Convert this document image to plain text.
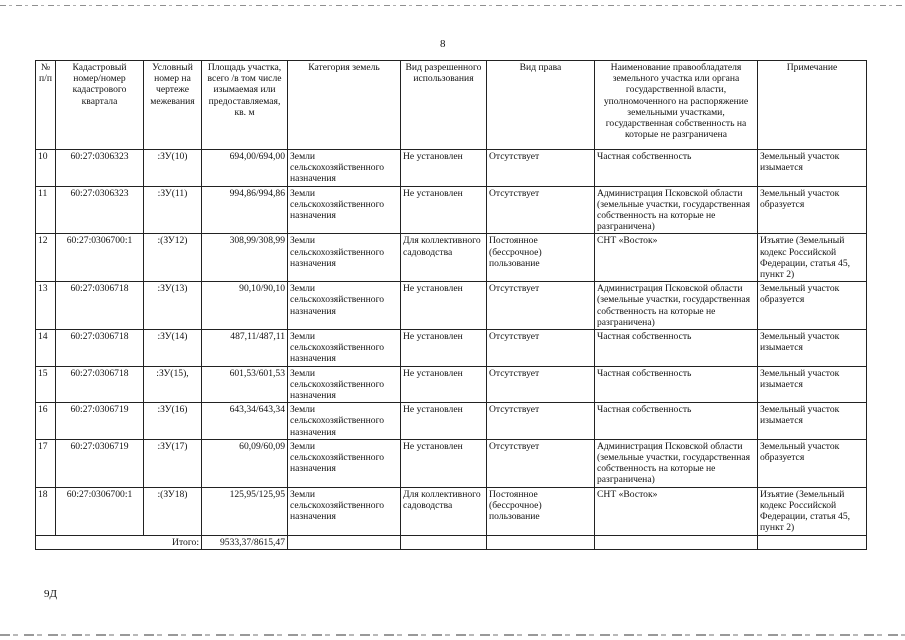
8
№ п/п	Кадастровый номер/номер кадастрового квартала	Условный номер на чертеже межевания	Площадь участка, всего /в том числе изымаемая или предоставляемая, кв. м	Категория земель	Вид разрешенного использования	Вид права	Наименование правообладателя земельного участка или органа государственной власти, уполномоченного на распоряжение земельными участками, государственная собственность на которые не разграничена	Примечание
10	60:27:0306323	:ЗУ(10)	694,00/694,00	Земли сельскохозяйственного назначения	Не установлен	Отсутствует	Частная собственность	Земельный участок изымается
11	60:27:0306323	:ЗУ(11)	994,86/994,86	Земли сельскохозяйственного назначения	Не установлен	Отсутствует	Администрация Псковской области (земельные участки, государственная собственность на которые не разграничена)	Земельный участок образуется
12	60:27:0306700:1	:(ЗУ12)	308,99/308,99	Земли сельскохозяйственного назначения	Для коллективного садоводства	Постоянное (бессрочное) пользование	СНТ «Восток»	Изъятие (Земельный кодекс Российской Федерации, статья 45, пункт 2)
13	60:27:0306718	:ЗУ(13)	90,10/90,10	Земли сельскохозяйственного назначения	Не установлен	Отсутствует	Администрация Псковской области (земельные участки, государственная собственность на которые не разграничена)	Земельный участок образуется
14	60:27:0306718	:ЗУ(14)	487,11/487,11	Земли сельскохозяйственного назначения	Не установлен	Отсутствует	Частная собственность	Земельный участок изымается
15	60:27:0306718	:ЗУ(15),	601,53/601,53	Земли сельскохозяйственного назначения	Не установлен	Отсутствует	Частная собственность	Земельный участок изымается
16	60:27:0306719	:ЗУ(16)	643,34/643,34	Земли сельскохозяйственного назначения	Не установлен	Отсутствует	Частная собственность	Земельный участок изымается
17	60:27:0306719	:ЗУ(17)	60,09/60,09	Земли сельскохозяйственного назначения	Не установлен	Отсутствует	Администрация Псковской области (земельные участки, государственная собственность на которые не разграничена)	Земельный участок образуется
18	60:27:0306700:1	:(ЗУ18)	125,95/125,95	Земли сельскохозяйственного назначения	Для коллективного садоводства	Постоянное (бессрочное) пользование	СНТ «Восток»	Изъятие (Земельный кодекс Российской Федерации, статья 45, пункт 2)
Итого:			9533,37/8615,47					
9Д
